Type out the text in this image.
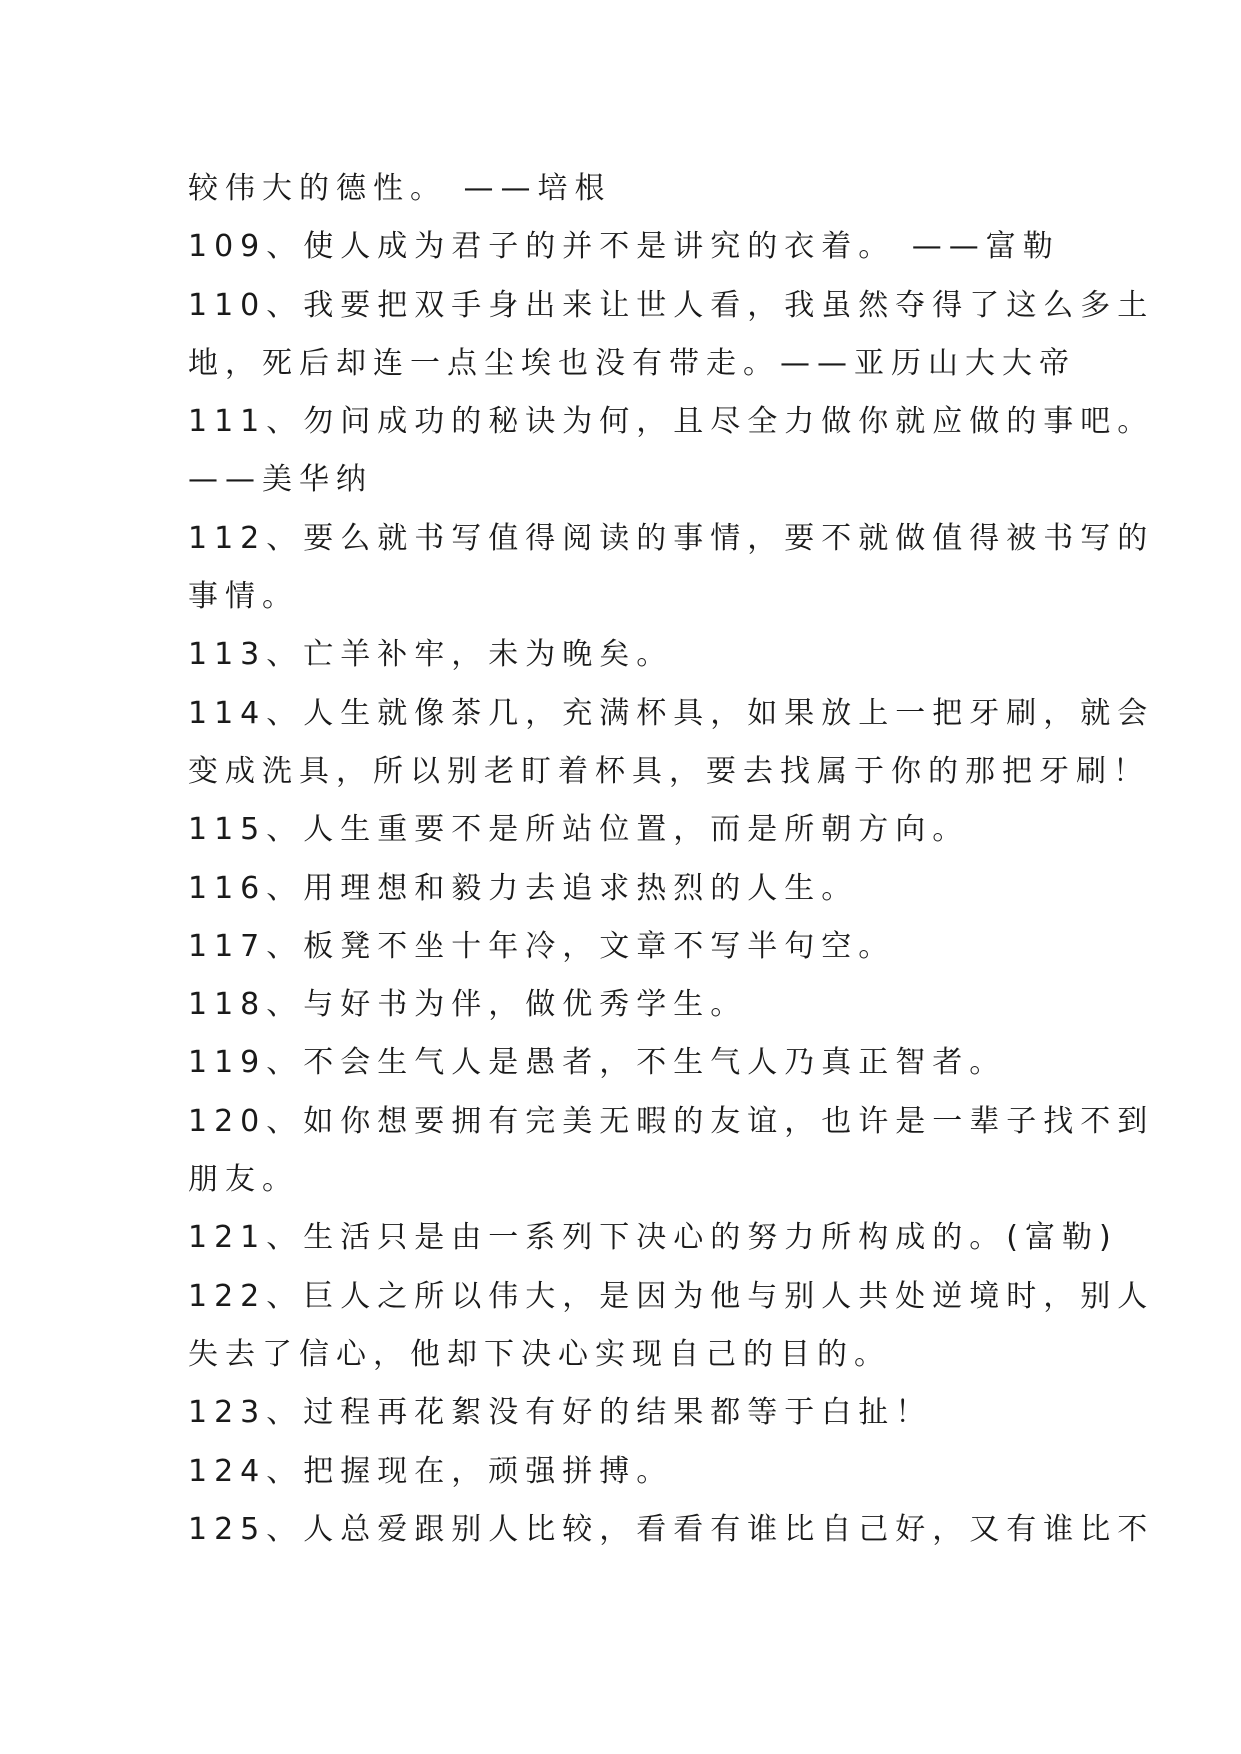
较伟大的德性。 ——培根
109、使人成为君子的并不是讲究的衣着。 ——富勒
110、我要把双手身出来让世人看，我虽然夺得了这么多土
地，死后却连一点尘埃也没有带走。——亚历山大大帝
111、勿问成功的秘诀为何，且尽全力做你就应做的事吧。
——美华纳
112、要么就书写值得阅读的事情，要不就做值得被书写的
事情。
113、亡羊补牢，未为晚矣。
114、人生就像茶几，充满杯具，如果放上一把牙刷，就会
变成洗具，所以别老盯着杯具，要去找属于你的那把牙刷！
115、人生重要不是所站位置，而是所朝方向。
116、用理想和毅力去追求热烈的人生。
117、板凳不坐十年冷，文章不写半句空。
118、与好书为伴，做优秀学生。
119、不会生气人是愚者，不生气人乃真正智者。
120、如你想要拥有完美无暇的友谊，也许是一辈子找不到
朋友。
121、生活只是由一系列下决心的努力所构成的。(富勒)
122、巨人之所以伟大，是因为他与别人共处逆境时，别人
失去了信心，他却下决心实现自己的目的。
123、过程再花絮没有好的结果都等于白扯！
124、把握现在，顽强拼搏。
125、人总爱跟别人比较，看看有谁比自己好，又有谁比不
